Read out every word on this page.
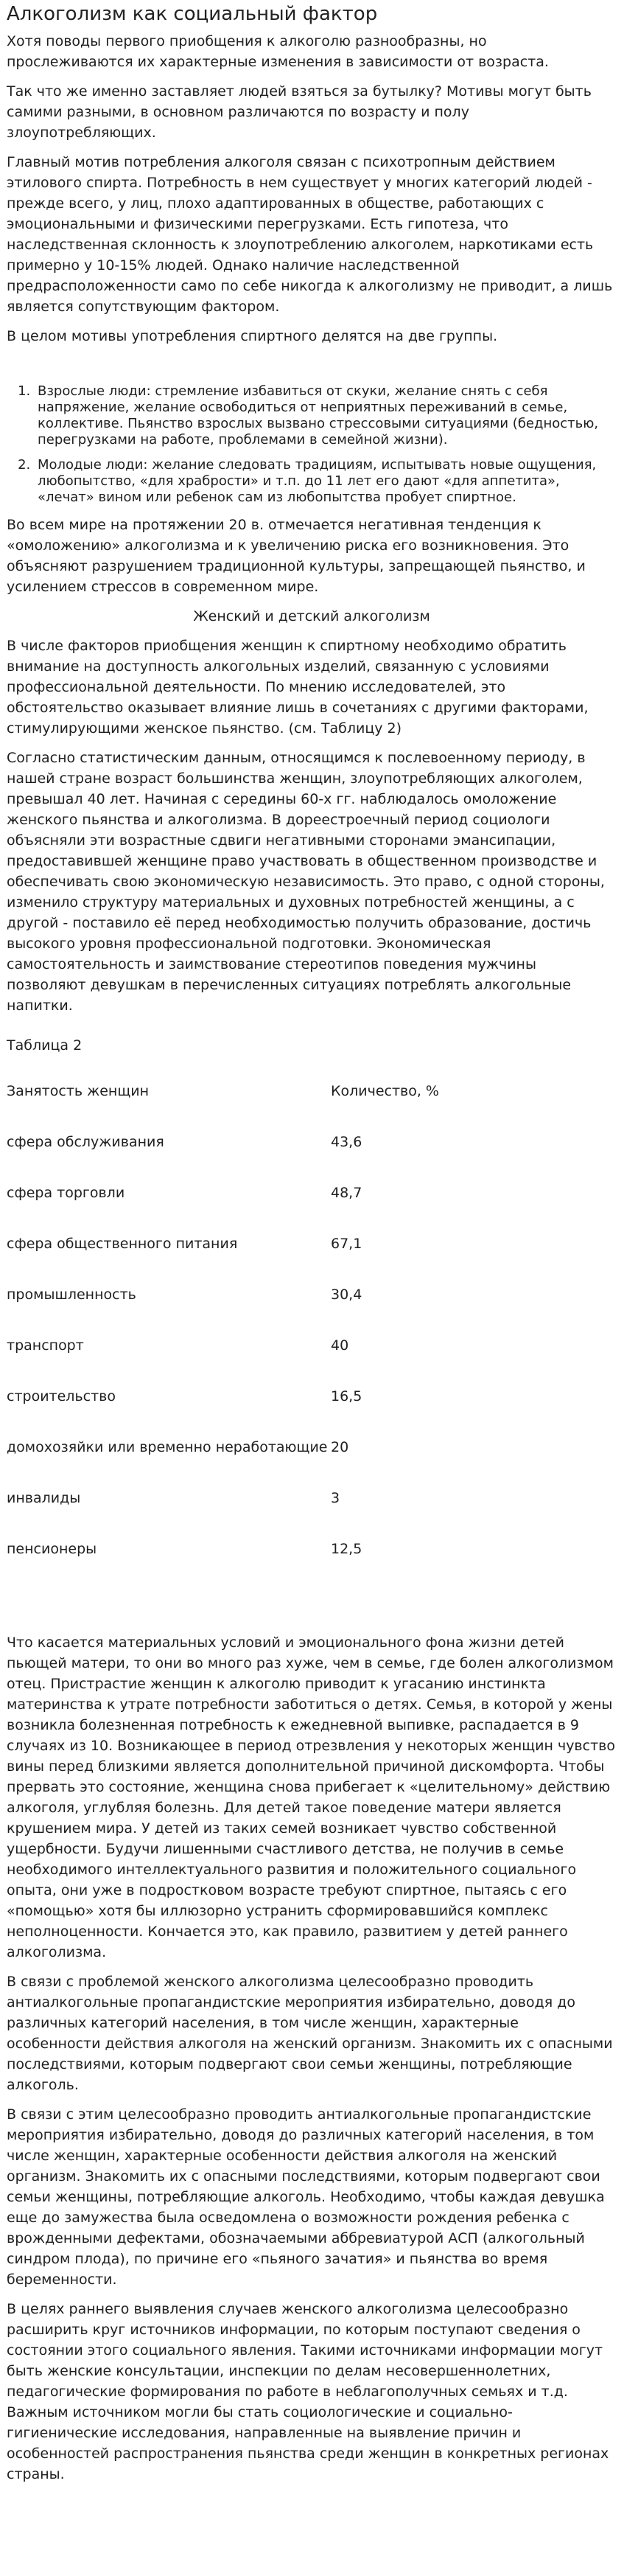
Алкоголизм как социальный фактор

Хотя поводы первого приобщения к алкоголю разнообразны, но прослеживаются их характерные изменения в зависимости от возраста.

Так что же именно заставляет людей взяться за бутылку? Мотивы могут быть самими разными, в основном различаются по возрасту и полу злоупотребляющих.

Главный мотив потребления алкоголя связан с психотропным действием этилового спирта. Потребность в нем существует у многих категорий людей - прежде всего, у лиц, плохо адаптированных в обществе, работающих с эмоциональными и физическими перегрузками. Есть гипотеза, что наследственная склонность к злоупотреблению алкоголем, наркотиками есть примерно у 10-15% людей. Однако наличие наследственной предрасположенности само по себе никогда к алкоголизму не приводит, а лишь является сопутствующим фактором.

В целом мотивы употребления спиртного делятся на две группы.

1. Взрослые люди: стремление избавиться от скуки, желание снять с себя напряжение, желание освободиться от неприятных переживаний в семье, коллективе. Пьянство взрослых вызвано стрессовыми ситуациями (бедностью, перегрузками на работе, проблемами в семейной жизни).
2. Молодые люди: желание следовать традициям, испытывать новые ощущения, любопытство, «для храбрости» и т.п. до 11 лет его дают «для аппетита», «лечат» вином или ребенок сам из любопытства пробует спиртное.

Во всем мире на протяжении 20 в. отмечается негативная тенденция к «омоложению» алкоголизма и к увеличению риска его возникновения. Это объясняют разрушением традиционной культуры, запрещающей пьянство, и усилением стрессов в современном мире.

Женский и детский алкоголизм

В числе факторов приобщения женщин к спиртному необходимо обратить внимание на доступность алкогольных изделий, связанную с условиями профессиональной деятельности. По мнению исследователей, это обстоятельство оказывает влияние лишь в сочетаниях с другими факторами, стимулирующими женское пьянство. (см. Таблицу 2)

Согласно статистическим данным, относящимся к послевоенному периоду, в нашей стране возраст большинства женщин, злоупотребляющих алкоголем, превышал 40 лет. Начиная с середины 60-х гг. наблюдалось омоложение женского пьянства и алкоголизма. В дореестроечный период социологи объясняли эти возрастные сдвиги негативными сторонами эмансипации, предоставившей женщине право участвовать в общественном производстве и обеспечивать свою экономическую независимость. Это право, с одной стороны, изменило структуру материальных и духовных потребностей женщины, а с другой - поставило её перед необходимостью получить образование, достичь высокого уровня профессиональной подготовки. Экономическая самостоятельность и заимствование стереотипов поведения мужчины позволяют девушкам в перечисленных ситуациях потреблять алкогольные напитки.

Таблица 2
Занятость женщин	Количество, %
сфера обслуживания	43,6
сфера торговли	48,7
сфера общественного питания	67,1
промышленность	30,4
транспорт	40
строительство	16,5
домохозяйки или временно неработающие	20
инвалиды	3
пенсионеры	12,5

Что касается материальных условий и эмоционального фона жизни детей пьющей матери, то они во много раз хуже, чем в семье, где болен алкоголизмом отец. Пристрастие женщин к алкоголю приводит к угасанию инстинкта материнства к утрате потребности заботиться о детях. Семья, в которой у жены возникла болезненная потребность к ежедневной выпивке, распадается в 9 случаях из 10. Возникающее в период отрезвления у некоторых женщин чувство вины перед близкими является дополнительной причиной дискомфорта. Чтобы прервать это состояние, женщина снова прибегает к «целительному» действию алкоголя, углубляя болезнь. Для детей такое поведение матери является крушением мира. У детей из таких семей возникает чувство собственной ущербности. Будучи лишенными счастливого детства, не получив в семье необходимого интеллектуального развития и положительного социального опыта, они уже в подростковом возрасте требуют спиртное, пытаясь с его «помощью» хотя бы иллюзорно устранить сформировавшийся комплекс неполноценности. Кончается это, как правило, развитием у детей раннего алкоголизма.

В связи с проблемой женского алкоголизма целесообразно проводить антиалкогольные пропагандистские мероприятия избирательно, доводя до различных категорий населения, в том числе женщин, характерные особенности действия алкоголя на женский организм. Знакомить их с опасными последствиями, которым подвергают свои семьи женщины, потребляющие алкоголь.

В связи с этим целесообразно проводить антиалкогольные пропагандистские мероприятия избирательно, доводя до различных категорий населения, в том числе женщин, характерные особенности действия алкоголя на женский организм. Знакомить их с опасными последствиями, которым подвергают свои семьи женщины, потребляющие алкоголь. Необходимо, чтобы каждая девушка еще до замужества была осведомлена о возможности рождения ребенка с врожденными дефектами, обозначаемыми аббревиатурой АСП (алкогольный синдром плода), по причине его «пьяного зачатия» и пьянства во время беременности.

В целях раннего выявления случаев женского алкоголизма целесообразно расширить круг источников информации, по которым поступают сведения о состоянии этого социального явления. Такими источниками информации могут быть женские консультации, инспекции по делам несовершеннолетних, педагогические формирования по работе в неблагополучных семьях и т.д. Важным источником могли бы стать социологические и социально-гигиенические исследования, направленные на выявление причин и особенностей распространения пьянства среди женщин в конкретных регионах страны.
